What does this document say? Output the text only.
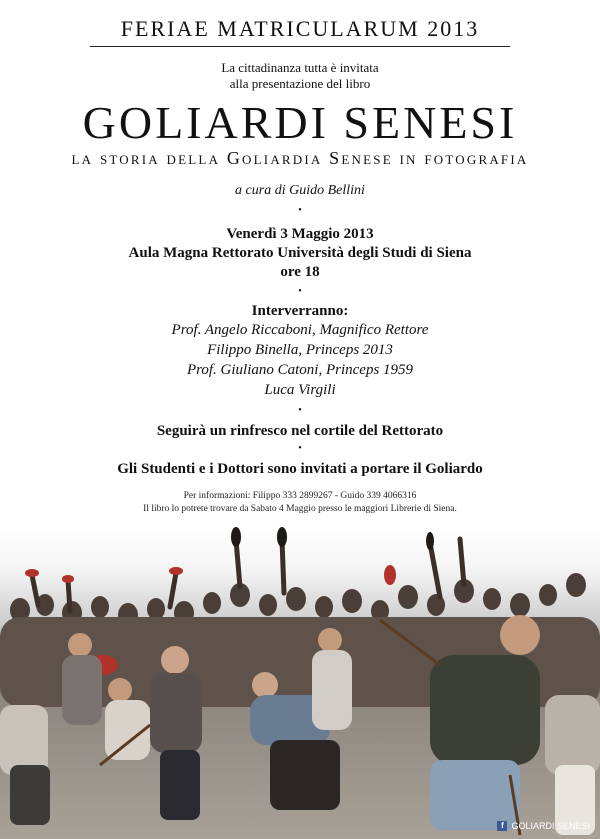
FERIAE MATRICULARUM 2013
La cittadinanza tutta è invitata
alla presentazione del libro
GOLIARDI SENESI
la storia della Goliardia Senese in fotografia
a cura di Guido Bellini
•
Venerdì 3 Maggio 2013
Aula Magna Rettorato Università degli Studi di Siena
ore 18
•
Interverranno:
Prof. Angelo Riccaboni, Magnifico Rettore
Filippo Binella, Princeps 2013
Prof. Giuliano Catoni, Princeps 1959
Luca Virgili
•
Seguirà un rinfresco nel cortile del Rettorato
•
Gli Studenti e i Dottori sono invitati a portare il Goliardo
Per informazioni: Filippo 333 2899267 - Guido 339 4066316
Il libro lo potrete trovare da Sabato 4 Maggio presso le maggiori Librerie di Siena.
f GOLIARDI SENESI
